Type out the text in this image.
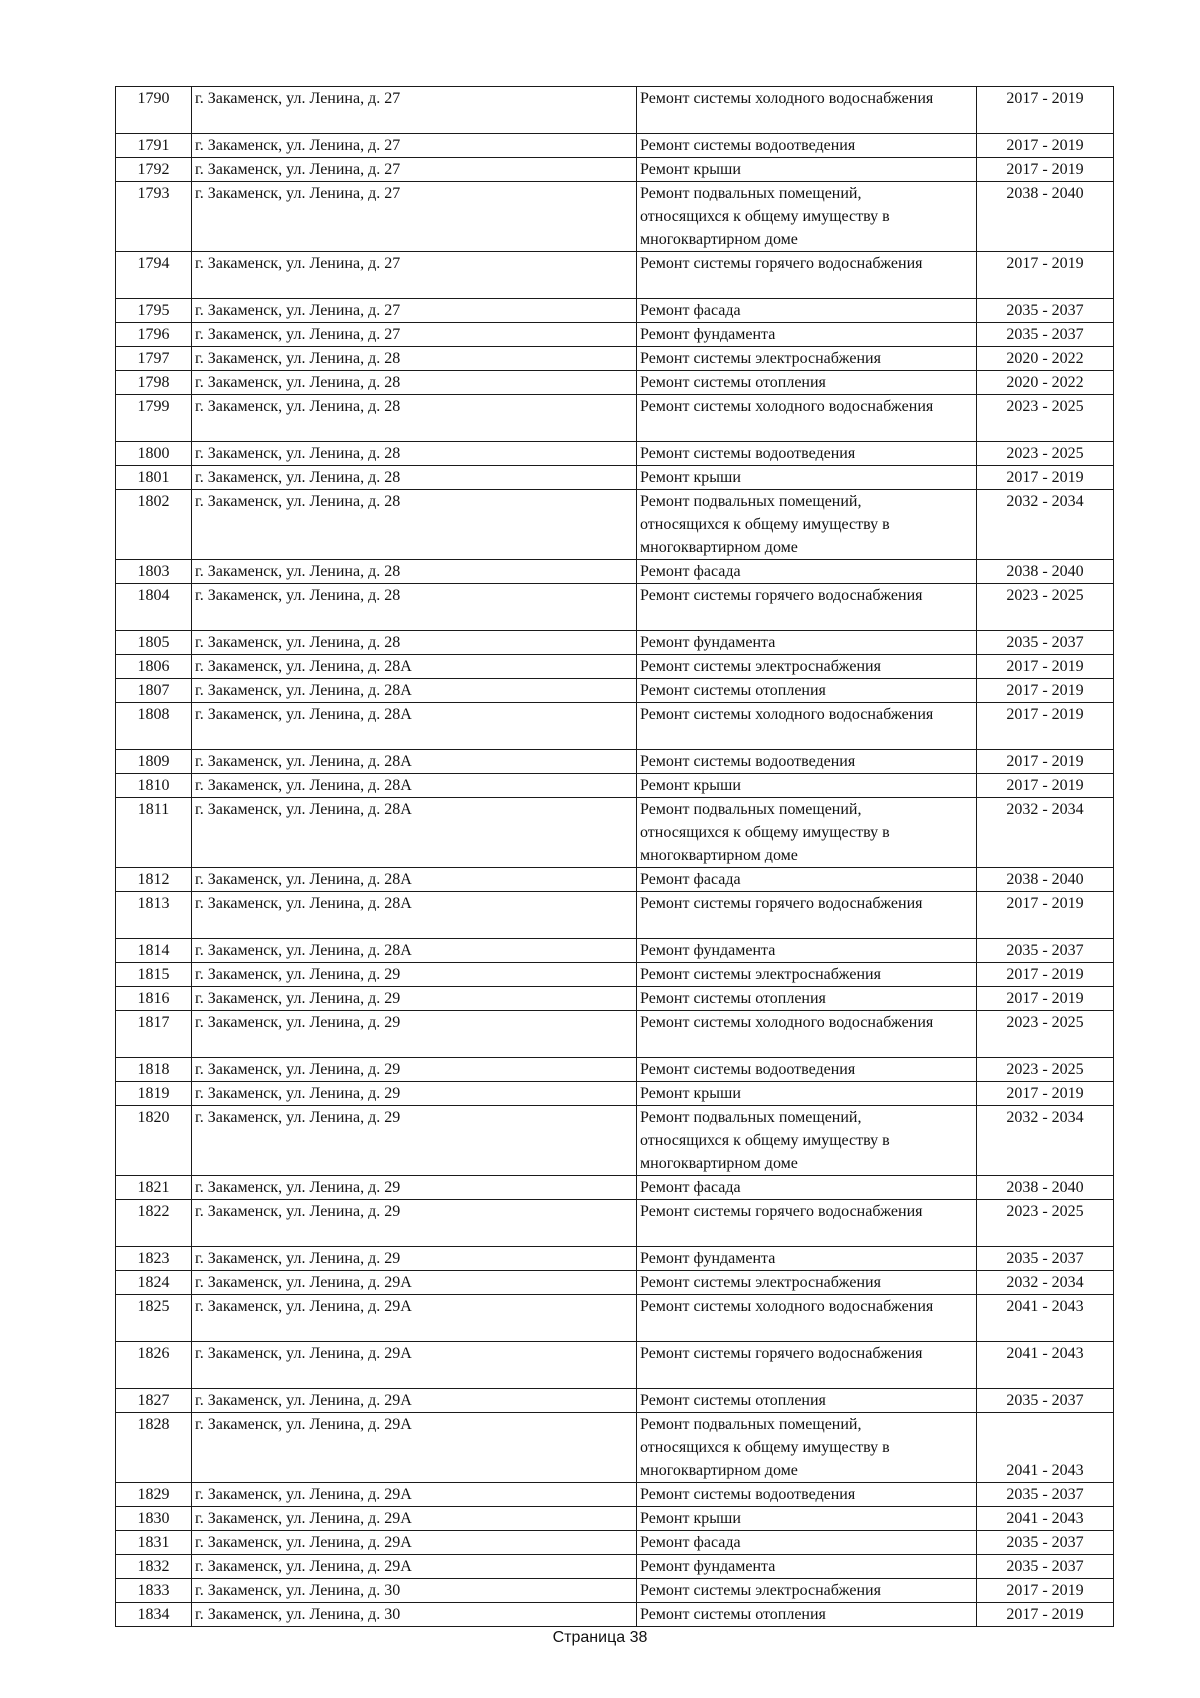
1790	г. Закаменск, ул. Ленина, д. 27	Ремонт системы холодного водоснабжения	2017 - 2019
1791	г. Закаменск, ул. Ленина, д. 27	Ремонт системы водоотведения	2017 - 2019
1792	г. Закаменск, ул. Ленина, д. 27	Ремонт крыши	2017 - 2019
1793	г. Закаменск, ул. Ленина, д. 27	Ремонт подвальных помещений,
относящихся к общему имуществу в
многоквартирном доме	2038 - 2040
1794	г. Закаменск, ул. Ленина, д. 27	Ремонт системы горячего водоснабжения	2017 - 2019
1795	г. Закаменск, ул. Ленина, д. 27	Ремонт фасада	2035 - 2037
1796	г. Закаменск, ул. Ленина, д. 27	Ремонт фундамента	2035 - 2037
1797	г. Закаменск, ул. Ленина, д. 28	Ремонт системы электроснабжения	2020 - 2022
1798	г. Закаменск, ул. Ленина, д. 28	Ремонт системы отопления	2020 - 2022
1799	г. Закаменск, ул. Ленина, д. 28	Ремонт системы холодного водоснабжения	2023 - 2025
1800	г. Закаменск, ул. Ленина, д. 28	Ремонт системы водоотведения	2023 - 2025
1801	г. Закаменск, ул. Ленина, д. 28	Ремонт крыши	2017 - 2019
1802	г. Закаменск, ул. Ленина, д. 28	Ремонт подвальных помещений,
относящихся к общему имуществу в
многоквартирном доме	2032 - 2034
1803	г. Закаменск, ул. Ленина, д. 28	Ремонт фасада	2038 - 2040
1804	г. Закаменск, ул. Ленина, д. 28	Ремонт системы горячего водоснабжения	2023 - 2025
1805	г. Закаменск, ул. Ленина, д. 28	Ремонт фундамента	2035 - 2037
1806	г. Закаменск, ул. Ленина, д. 28А	Ремонт системы электроснабжения	2017 - 2019
1807	г. Закаменск, ул. Ленина, д. 28А	Ремонт системы отопления	2017 - 2019
1808	г. Закаменск, ул. Ленина, д. 28А	Ремонт системы холодного водоснабжения	2017 - 2019
1809	г. Закаменск, ул. Ленина, д. 28А	Ремонт системы водоотведения	2017 - 2019
1810	г. Закаменск, ул. Ленина, д. 28А	Ремонт крыши	2017 - 2019
1811	г. Закаменск, ул. Ленина, д. 28А	Ремонт подвальных помещений,
относящихся к общему имуществу в
многоквартирном доме	2032 - 2034
1812	г. Закаменск, ул. Ленина, д. 28А	Ремонт фасада	2038 - 2040
1813	г. Закаменск, ул. Ленина, д. 28А	Ремонт системы горячего водоснабжения	2017 - 2019
1814	г. Закаменск, ул. Ленина, д. 28А	Ремонт фундамента	2035 - 2037
1815	г. Закаменск, ул. Ленина, д. 29	Ремонт системы электроснабжения	2017 - 2019
1816	г. Закаменск, ул. Ленина, д. 29	Ремонт системы отопления	2017 - 2019
1817	г. Закаменск, ул. Ленина, д. 29	Ремонт системы холодного водоснабжения	2023 - 2025
1818	г. Закаменск, ул. Ленина, д. 29	Ремонт системы водоотведения	2023 - 2025
1819	г. Закаменск, ул. Ленина, д. 29	Ремонт крыши	2017 - 2019
1820	г. Закаменск, ул. Ленина, д. 29	Ремонт подвальных помещений,
относящихся к общему имуществу в
многоквартирном доме	2032 - 2034
1821	г. Закаменск, ул. Ленина, д. 29	Ремонт фасада	2038 - 2040
1822	г. Закаменск, ул. Ленина, д. 29	Ремонт системы горячего водоснабжения	2023 - 2025
1823	г. Закаменск, ул. Ленина, д. 29	Ремонт фундамента	2035 - 2037
1824	г. Закаменск, ул. Ленина, д. 29А	Ремонт системы электроснабжения	2032 - 2034
1825	г. Закаменск, ул. Ленина, д. 29А	Ремонт системы холодного водоснабжения	2041 - 2043
1826	г. Закаменск, ул. Ленина, д. 29А	Ремонт системы горячего водоснабжения	2041 - 2043
1827	г. Закаменск, ул. Ленина, д. 29А	Ремонт системы отопления	2035 - 2037
1828	г. Закаменск, ул. Ленина, д. 29А	Ремонт подвальных помещений,
относящихся к общему имуществу в
многоквартирном доме	2041 - 2043
1829	г. Закаменск, ул. Ленина, д. 29А	Ремонт системы водоотведения	2035 - 2037
1830	г. Закаменск, ул. Ленина, д. 29А	Ремонт крыши	2041 - 2043
1831	г. Закаменск, ул. Ленина, д. 29А	Ремонт фасада	2035 - 2037
1832	г. Закаменск, ул. Ленина, д. 29А	Ремонт фундамента	2035 - 2037
1833	г. Закаменск, ул. Ленина, д. 30	Ремонт системы электроснабжения	2017 - 2019
1834	г. Закаменск, ул. Ленина, д. 30	Ремонт системы отопления	2017 - 2019
Страница 38
